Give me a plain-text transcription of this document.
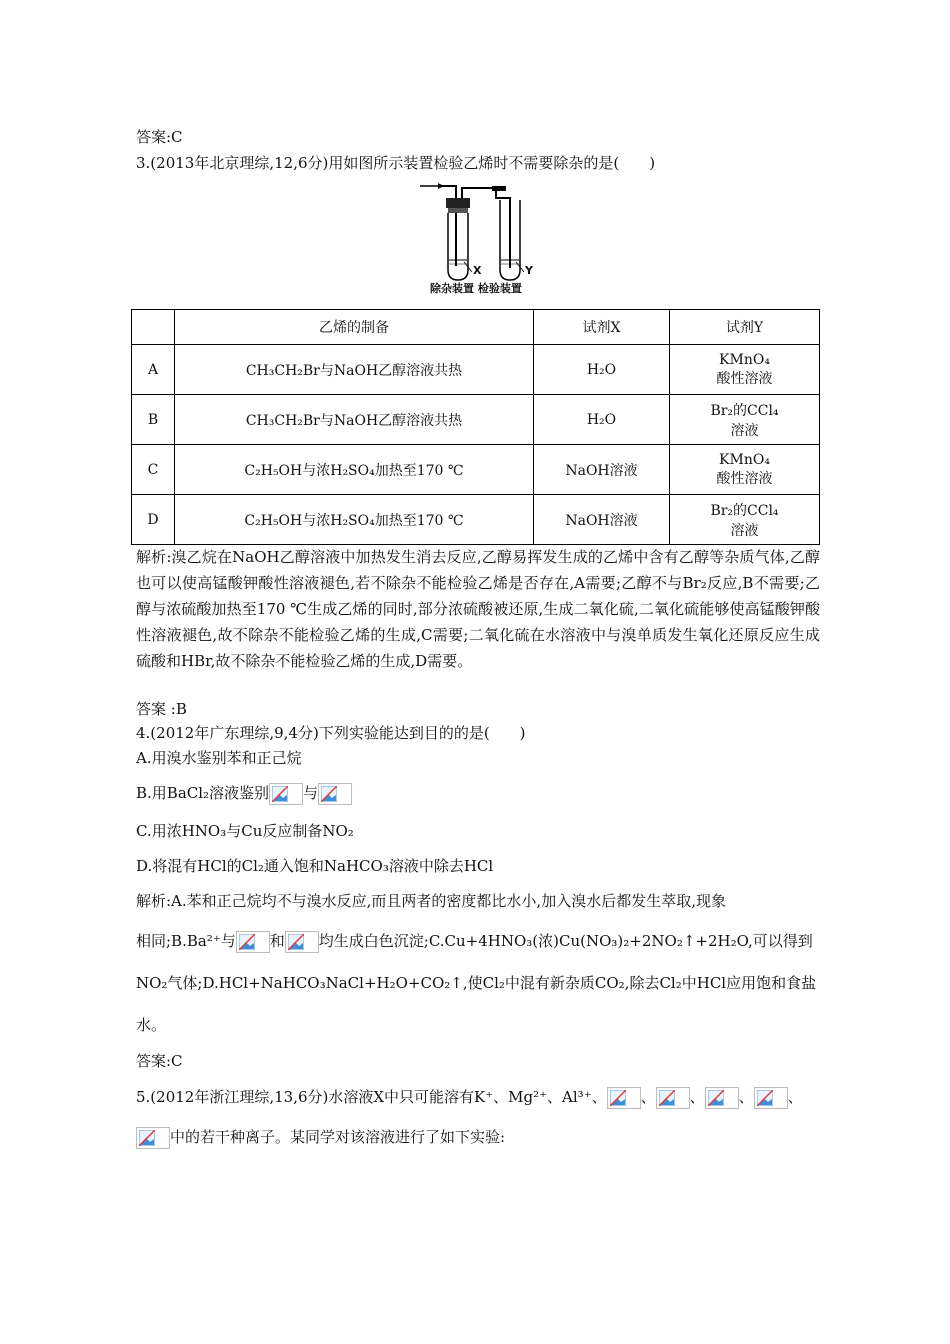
答案:C
3.(2013年北京理综,12,6分)用如图所示装置检验乙烯时不需要除杂的是(　　)
X	Y
除杂装置 检验装置
	乙烯的制备	试剂X	试剂Y
A	CH₃CH₂Br与NaOH乙醇溶液共热	H₂O	KMnO₄
酸性溶液
B	CH₃CH₂Br与NaOH乙醇溶液共热	H₂O	Br₂的CCl₄
溶液
C	C₂H₅OH与浓H₂SO₄加热至170 ℃	NaOH溶液	KMnO₄
酸性溶液
D	C₂H₅OH与浓H₂SO₄加热至170 ℃	NaOH溶液	Br₂的CCl₄
溶液
解析:溴乙烷在NaOH乙醇溶液中加热发生消去反应,乙醇易挥发生成的乙烯中含有乙醇等杂质气体,乙醇也可以使高锰酸钾酸性溶液褪色,若不除杂不能检验乙烯是否存在,A需要;乙醇不与Br₂反应,B不需要;乙醇与浓硫酸加热至170 ℃生成乙烯的同时,部分浓硫酸被还原,生成二氧化硫,二氧化硫能够使高锰酸钾酸性溶液褪色,故不除杂不能检验乙烯的生成,C需要;二氧化硫在水溶液中与溴单质发生氧化还原反应生成硫酸和HBr,故不除杂不能检验乙烯的生成,D需要。
答案 :B
4.(2012年广东理综,9,4分)下列实验能达到目的的是(　　)
A.用溴水鉴别苯和正己烷
B.用BaCl₂溶液鉴别 与
C.用浓HNO₃与Cu反应制备NO₂
D.将混有HCl的Cl₂通入饱和NaHCO₃溶液中除去HCl
解析:A.苯和正己烷均不与溴水反应,而且两者的密度都比水小,加入溴水后都发生萃取,现象
相同;B.Ba²⁺与 和 均生成白色沉淀;C.Cu+4HNO₃(浓)Cu(NO₃)₂+2NO₂↑+2H₂O,可以得到
NO₂气体;D.HCl+NaHCO₃NaCl+H₂O+CO₂↑,使Cl₂中混有新杂质CO₂,除去Cl₂中HCl应用饱和食盐
水。
答案:C
5.(2012年浙江理综,13,6分)水溶液X中只可能溶有K⁺、Mg²⁺、Al³⁺、 、 、 、 、
中的若干种离子。某同学对该溶液进行了如下实验:
